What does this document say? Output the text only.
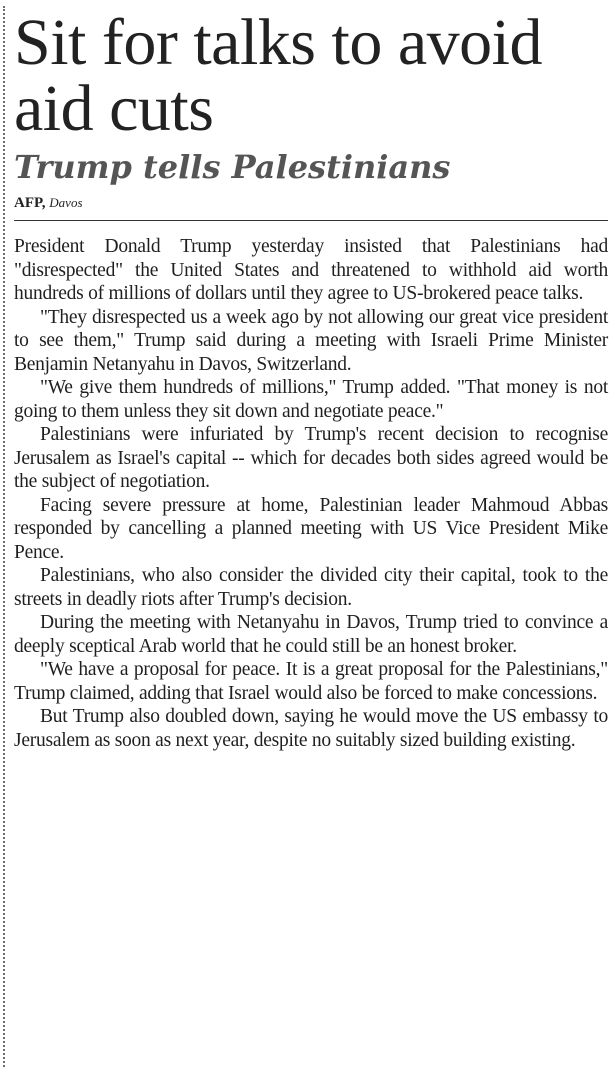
Sit for talks to avoid aid cuts
Trump tells Palestinians
AFP, Davos

President Donald Trump yesterday insisted that Palestinians had "disrespected" the United States and threatened to withhold aid worth hundreds of millions of dollars until they agree to US-brokered peace talks.

"They disrespected us a week ago by not allowing our great vice president to see them," Trump said during a meeting with Israeli Prime Minister Benjamin Netanyahu in Davos, Switzerland.

"We give them hundreds of millions," Trump added. "That money is not going to them unless they sit down and negotiate peace."

Palestinians were infuriated by Trump's recent decision to recognise Jerusalem as Israel's capital -- which for decades both sides agreed would be the subject of negotiation.

Facing severe pressure at home, Palestinian leader Mahmoud Abbas responded by cancelling a planned meeting with US Vice President Mike Pence.

Palestinians, who also consider the divided city their capital, took to the streets in deadly riots after Trump's decision.

During the meeting with Netanyahu in Davos, Trump tried to convince a deeply sceptical Arab world that he could still be an honest broker.

"We have a proposal for peace. It is a great proposal for the Palestinians," Trump claimed, adding that Israel would also be forced to make concessions.

But Trump also doubled down, saying he would move the US embassy to Jerusalem as soon as next year, despite no suitably sized building existing.
